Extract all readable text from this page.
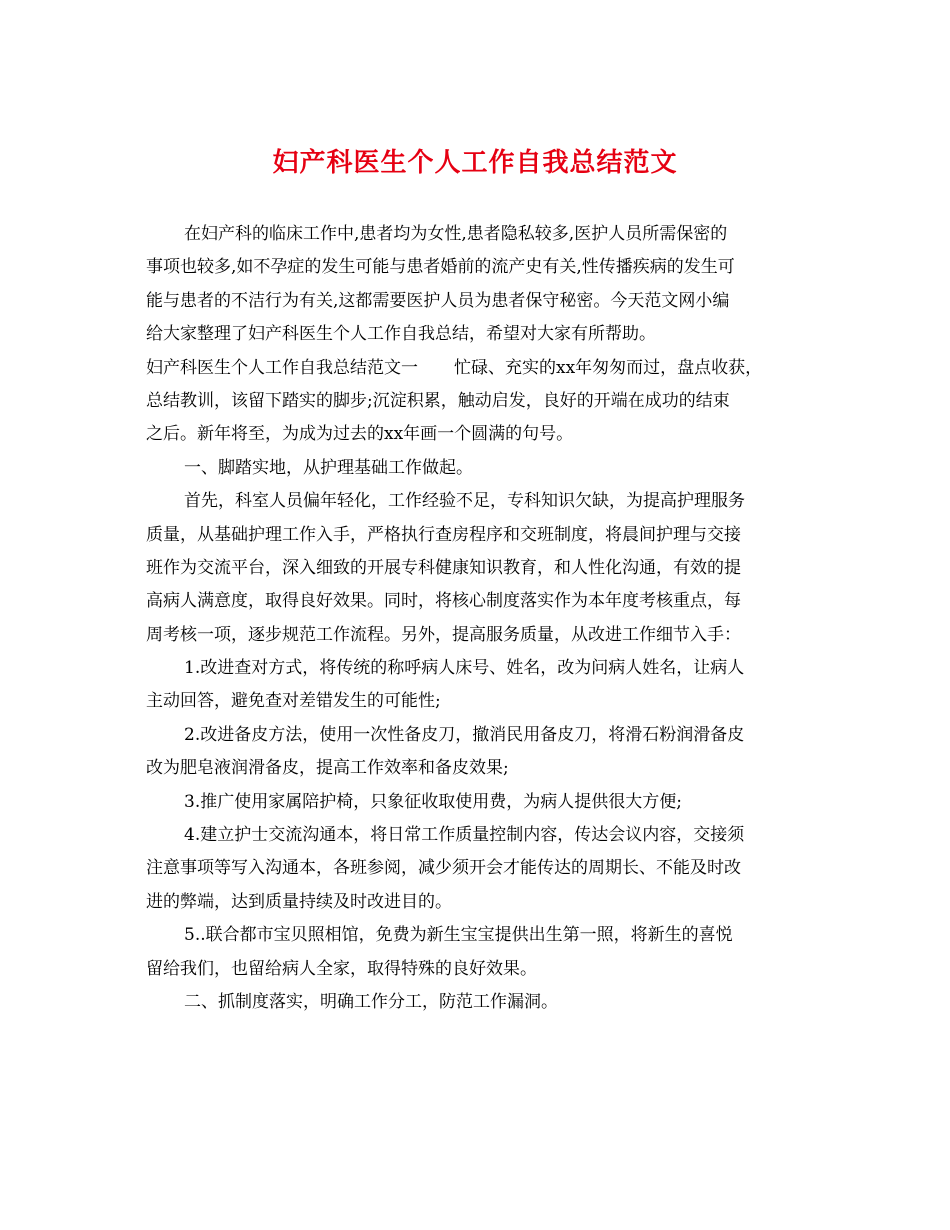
妇产科医生个人工作自我总结范文
在妇产科的临床工作中,患者均为女性,患者隐私较多,医护人员所需保密的
事项也较多,如不孕症的发生可能与患者婚前的流产史有关,性传播疾病的发生可
能与患者的不洁行为有关,这都需要医护人员为患者保守秘密。今天范文网小编
给大家整理了妇产科医生个人工作自我总结，希望对大家有所帮助。
妇产科医生个人工作自我总结范文一 忙碌、充实的xx年匆匆而过，盘点收获，
总结教训，该留下踏实的脚步;沉淀积累，触动启发，良好的开端在成功的结束
之后。新年将至，为成为过去的xx年画一个圆满的句号。
一、脚踏实地，从护理基础工作做起。
首先，科室人员偏年轻化，工作经验不足，专科知识欠缺，为提高护理服务
质量，从基础护理工作入手，严格执行查房程序和交班制度，将晨间护理与交接
班作为交流平台，深入细致的开展专科健康知识教育，和人性化沟通，有效的提
高病人满意度，取得良好效果。同时，将核心制度落实作为本年度考核重点，每
周考核一项，逐步规范工作流程。另外，提高服务质量，从改进工作细节入手：
1.改进查对方式，将传统的称呼病人床号、姓名，改为问病人姓名，让病人
主动回答，避免查对差错发生的可能性;
2.改进备皮方法，使用一次性备皮刀，撤消民用备皮刀，将滑石粉润滑备皮
改为肥皂液润滑备皮，提高工作效率和备皮效果;
3.推广使用家属陪护椅，只象征收取使用费，为病人提供很大方便;
4.建立护士交流沟通本，将日常工作质量控制内容，传达会议内容，交接须
注意事项等写入沟通本，各班参阅，减少须开会才能传达的周期长、不能及时改
进的弊端，达到质量持续及时改进目的。
5..联合都市宝贝照相馆，免费为新生宝宝提供出生第一照，将新生的喜悦
留给我们，也留给病人全家，取得特殊的良好效果。
二、抓制度落实，明确工作分工，防范工作漏洞。
